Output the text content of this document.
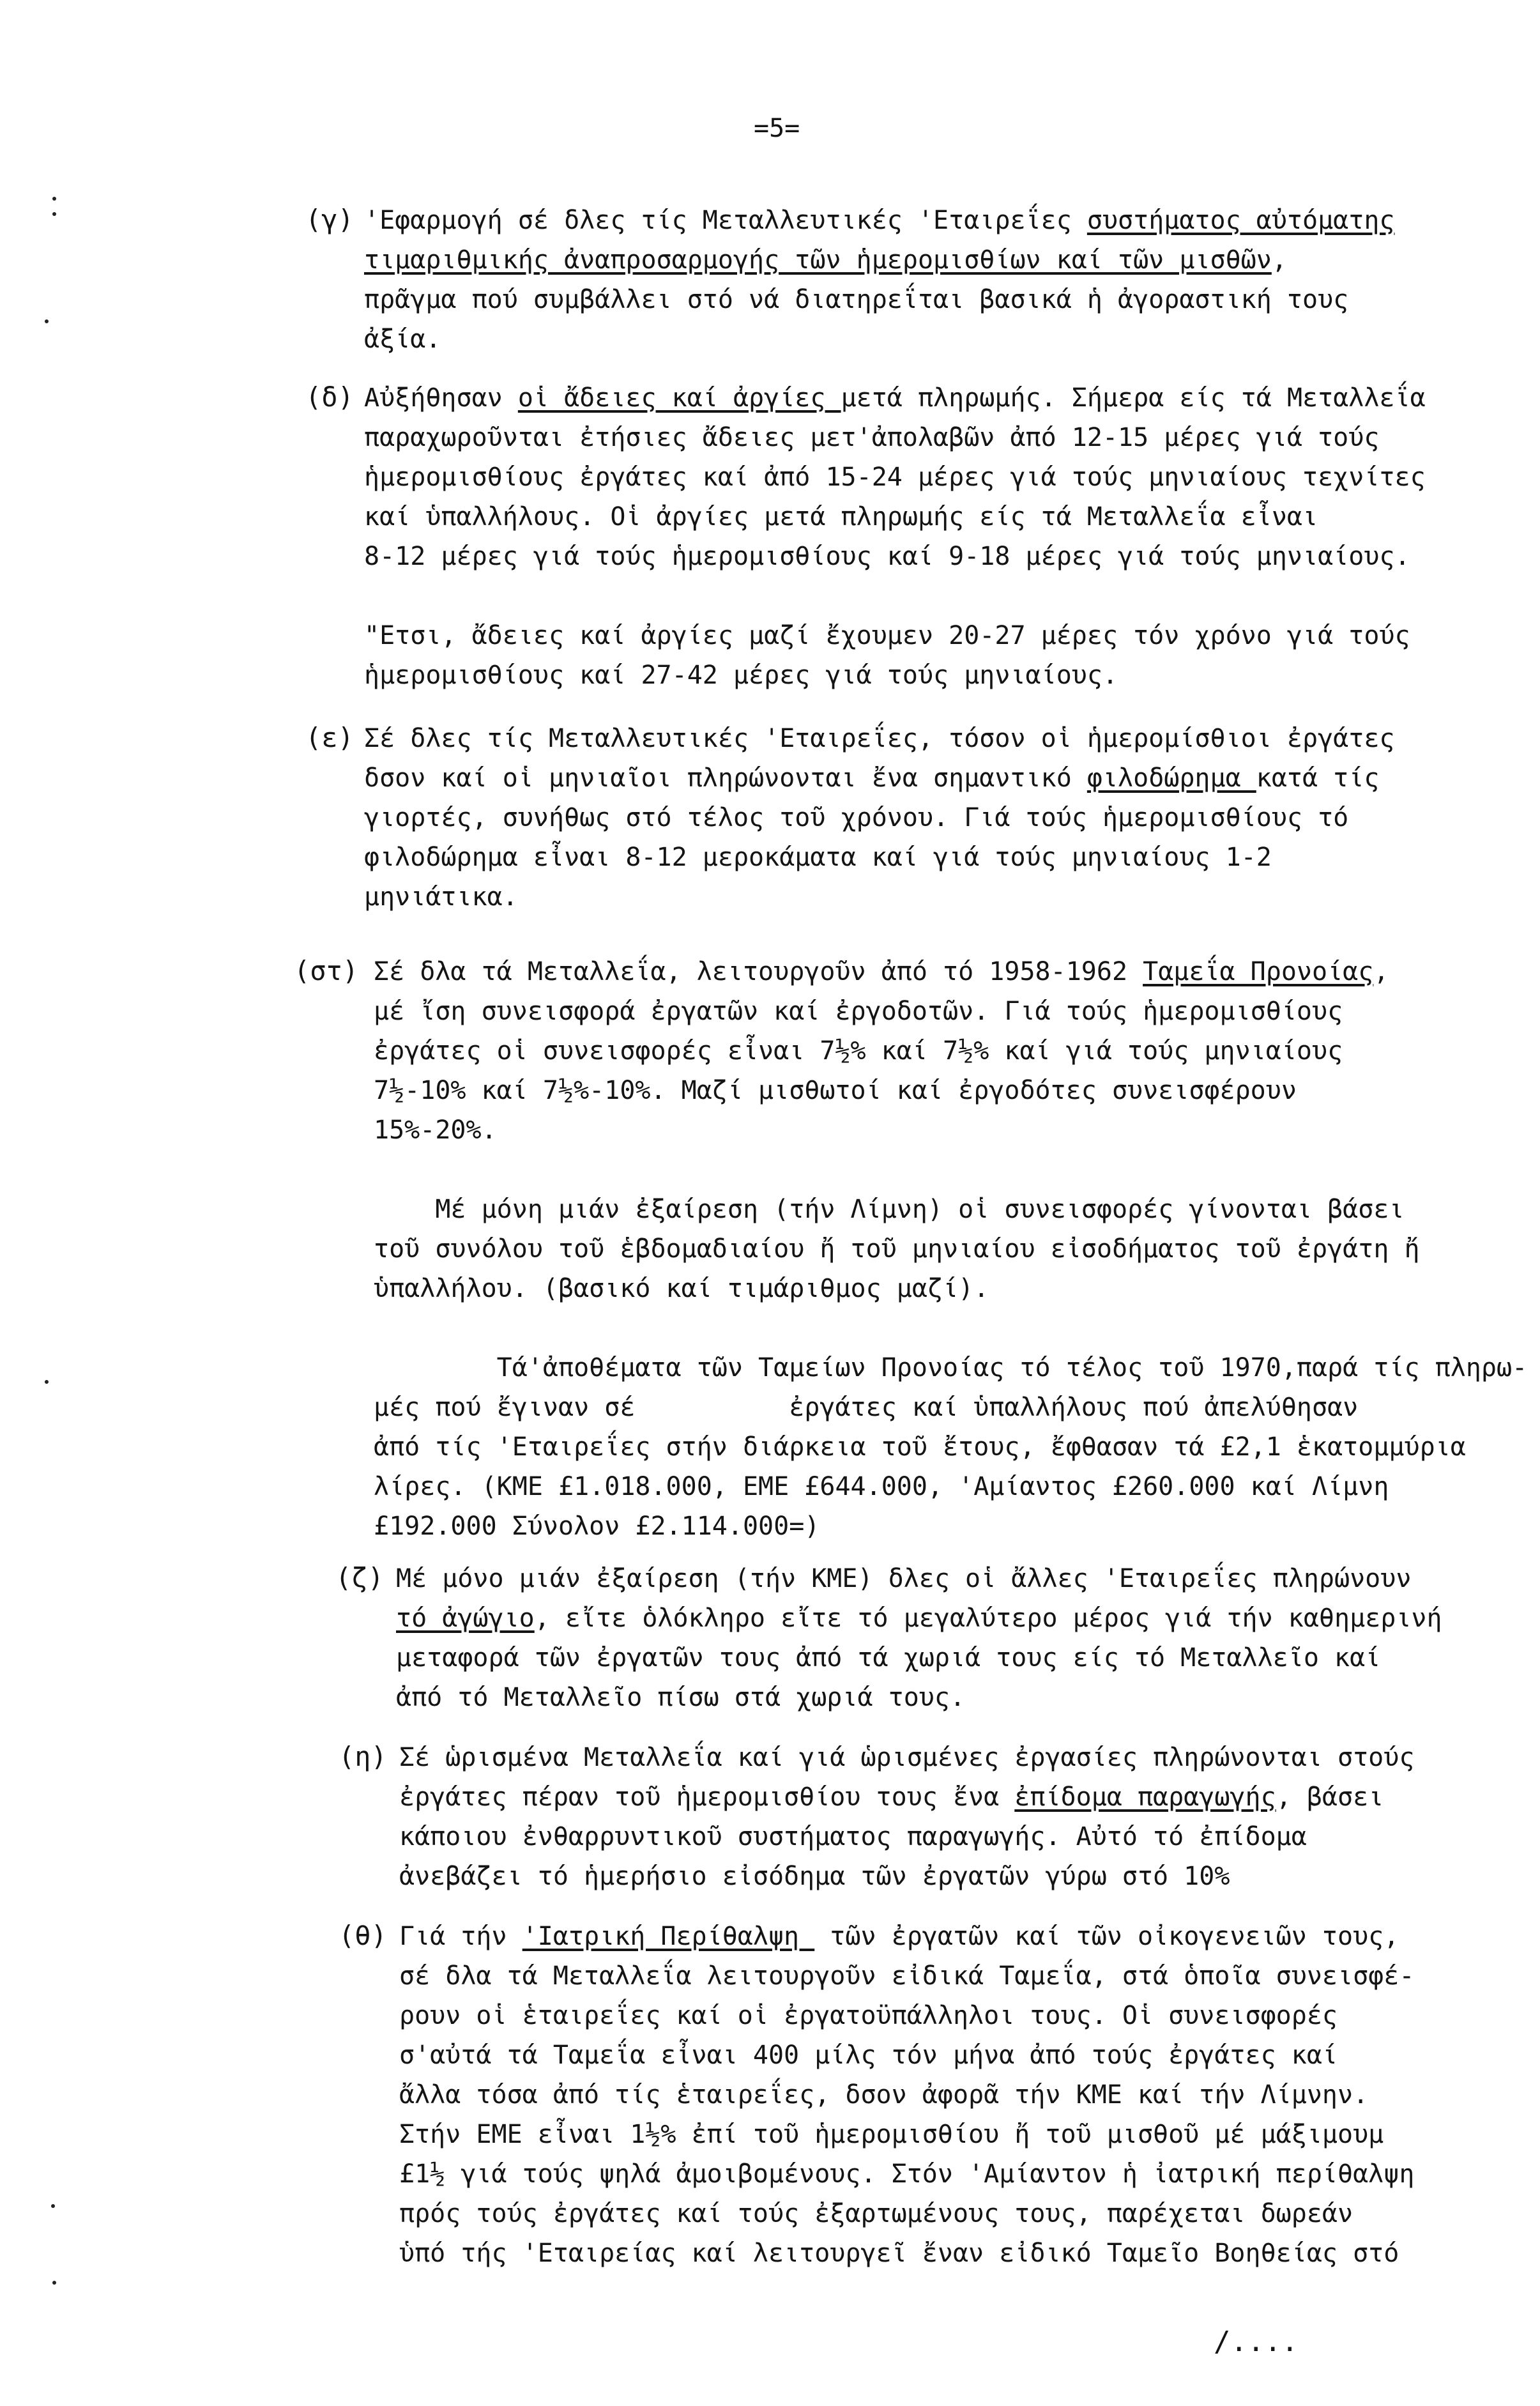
=5=
(γ) 'Εφαρμογή σέ δλες τίς Μεταλλευτικές 'Εταιρεΐες συστήματος αὐτόματης
τιμαριθμικής ἀναπροσαρμογής τῶν ἡμερομισθίων καί τῶν μισθῶν,
πρᾶγμα πού συμβάλλει στό νά διατηρεΐται βασικά ἡ ἀγοραστική τους
ἀξία.
(δ) Αὐξήθησαν οἱ ἄδειες καί ἀργίες μετά πληρωμής. Σήμερα είς τά Μεταλλεΐα
παραχωροῦνται ἐτήσιες ἄδειες μετ'ἀπολαβῶν ἀπό 12-15 μέρες γιά τούς
ἡμερομισθίους ἐργάτες καί ἀπό 15-24 μέρες γιά τούς μηνιαίους τεχνίτες
καί ὑπαλλήλους. Οἱ ἀργίες μετά πληρωμής είς τά Μεταλλεΐα εἶναι
8-12 μέρες γιά τούς ἡμερομισθίους καί 9-18 μέρες γιά τούς μηνιαίους.
"Ετσι, ἄδειες καί ἀργίες μαζί ἔχουμεν 20-27 μέρες τόν χρόνο γιά τούς
ἡμερομισθίους καί 27-42 μέρες γιά τούς μηνιαίους.
(ε) Σέ δλες τίς Μεταλλευτικές 'Εταιρεΐες, τόσον οἱ ἡμερομίσθιοι ἐργάτες
δσον καί οἱ μηνιαῖοι πληρώνονται ἔνα σημαντικό φιλοδώρημα κατά τίς
γιορτές, συνήθως στό τέλος τοῦ χρόνου. Γιά τούς ἡμερομισθίους τό
φιλοδώρημα εἶναι 8-12 μεροκάματα καί γιά τούς μηνιαίους 1-2
μηνιάτικα.
(στ) Σέ δλα τά Μεταλλεΐα, λειτουργοῦν ἀπό τό 1958-1962 Ταμεΐα Προνοίας,
μέ ἴση συνεισφορά ἐργατῶν καί ἐργοδοτῶν. Γιά τούς ἡμερομισθίους
ἐργάτες οἱ συνεισφορές εἶναι 7½% καί 7½% καί γιά τούς μηνιαίους
7½-10% καί 7½%-10%. Μαζί μισθωτοί καί ἐργοδότες συνεισφέρουν
15%-20%.
Μέ μόνη μιάν ἐξαίρεση (τήν Λίμνη) οἱ συνεισφορές γίνονται βάσει
τοῦ συνόλου τοῦ ἑβδομαδιαίου ἤ τοῦ μηνιαίου εἰσοδήματος τοῦ ἐργάτη ἤ
ὑπαλλήλου. (βασικό καί τιμάριθμος μαζί).
Τά'ἀποθέματα τῶν Ταμείων Προνοίας τό τέλος τοῦ 1970,παρά τίς πληρω-
μές πού ἔγιναν σέ          ἐργάτες καί ὑπαλλήλους πού ἀπελύθησαν
ἀπό τίς 'Εταιρεΐες στήν διάρκεια τοῦ ἔτους, ἔφθασαν τά £2,1 ἑκατομμύρια
λίρες. (ΚΜΕ £1.018.000, ΕΜΕ £644.000, 'Αμίαντος £260.000 καί Λίμνη
£192.000 Σύνολον £2.114.000=)
(ζ) Μέ μόνο μιάν ἐξαίρεση (τήν ΚΜΕ) δλες οἱ ἄλλες 'Εταιρεΐες πληρώνουν
τό ἀγώγιο, εἴτε ὁλόκληρο εἴτε τό μεγαλύτερο μέρος γιά τήν καθημερινή
μεταφορά τῶν ἐργατῶν τους ἀπό τά χωριά τους είς τό Μεταλλεῖο καί
ἀπό τό Μεταλλεῖο πίσω στά χωριά τους.
(η) Σέ ὡρισμένα Μεταλλεΐα καί γιά ὡρισμένες ἐργασίες πληρώνονται στούς
ἐργάτες πέραν τοῦ ἡμερομισθίου τους ἔνα ἐπίδομα παραγωγής, βάσει
κάποιου ἐνθαρρυντικοῦ συστήματος παραγωγής. Αὐτό τό ἐπίδομα
ἀνεβάζει τό ἡμερήσιο εἰσόδημα τῶν ἐργατῶν γύρω στό 10%
(θ) Γιά τήν 'Ιατρική Περίθαλψη  τῶν ἐργατῶν καί τῶν οἰκογενειῶν τους,
σέ δλα τά Μεταλλεΐα λειτουργοῦν εἰδικά Ταμεΐα, στά ὁποῖα συνεισφέ-
ρουν οἱ ἑταιρεΐες καί οἱ ἐργατοϋπάλληλοι τους. Οἱ συνεισφορές
σ'αὐτά τά Ταμεΐα εἶναι 400 μίλς τόν μήνα ἀπό τούς ἐργάτες καί
ἄλλα τόσα ἀπό τίς ἑταιρεΐες, δσον ἀφορᾶ τήν ΚΜΕ καί τήν Λίμνην.
Στήν ΕΜΕ εἶναι 1½% ἐπί τοῦ ἡμερομισθίου ἤ τοῦ μισθοῦ μέ μάξιμουμ
£1½ γιά τούς ψηλά ἀμοιβομένους. Στόν 'Αμίαντον ἡ ἰατρική περίθαλψη
πρός τούς ἐργάτες καί τούς ἐξαρτωμένους τους, παρέχεται δωρεάν
ὑπό τής 'Εταιρείας καί λειτουργεῖ ἔναν εἰδικό Ταμεῖο Βοηθείας στό
/....
